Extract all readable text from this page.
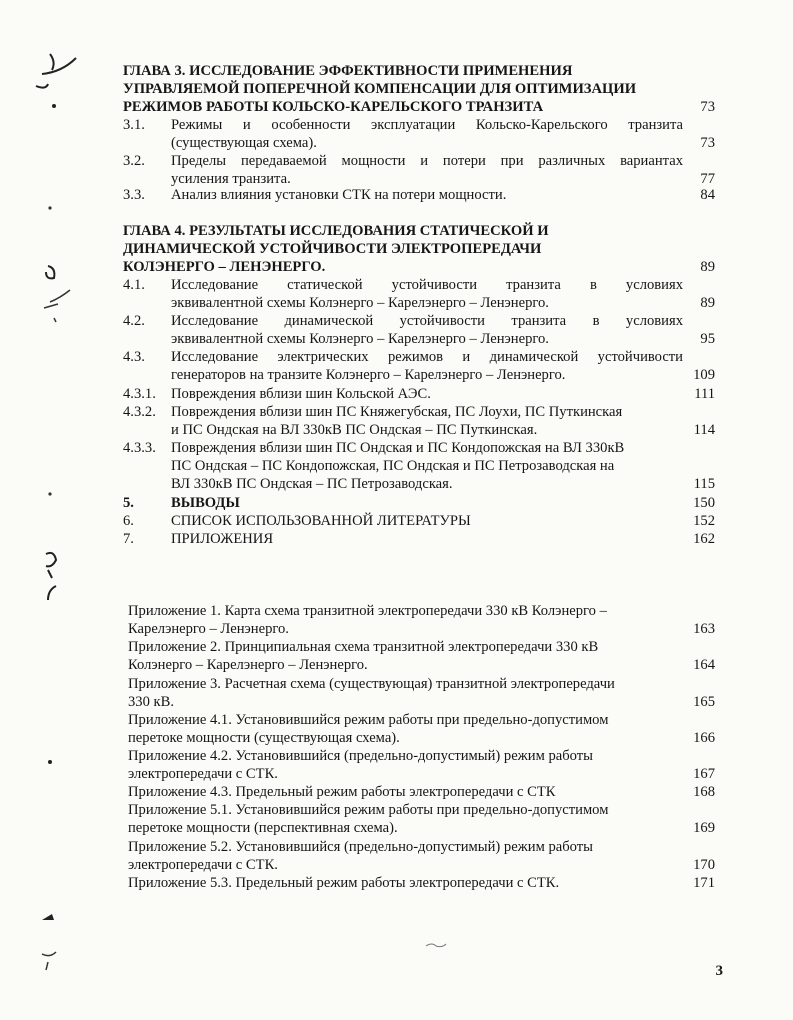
ГЛАВА 3. ИССЛЕДОВАНИЕ ЭФФЕКТИВНОСТИ ПРИМЕНЕНИЯ
УПРАВЛЯЕМОЙ ПОПЕРЕЧНОЙ КОМПЕНСАЦИИ ДЛЯ ОПТИМИЗАЦИИ
РЕЖИМОВ РАБОТЫ КОЛЬСКО-КАРЕЛЬСКОГО ТРАНЗИТА	73
3.1. Режимы и особенности эксплуатации Кольско-Карельского транзита
(существующая схема).	73
3.2. Пределы передаваемой мощности и потери при различных вариантах
усиления транзита.	77
3.3. Анализ влияния установки СТК на потери мощности.	84
ГЛАВА 4. РЕЗУЛЬТАТЫ ИССЛЕДОВАНИЯ СТАТИЧЕСКОЙ И
ДИНАМИЧЕСКОЙ УСТОЙЧИВОСТИ ЭЛЕКТРОПЕРЕДАЧИ
КОЛЭНЕРГО – ЛЕНЭНЕРГО.	89
4.1. Исследование статической устойчивости транзита в условиях
эквивалентной схемы Колэнерго – Карелэнерго – Ленэнерго.	89
4.2. Исследование динамической устойчивости транзита в условиях
эквивалентной схемы Колэнерго – Карелэнерго – Ленэнерго.	95
4.3. Исследование электрических режимов и динамической устойчивости
генераторов на транзите Колэнерго – Карелэнерго – Ленэнерго.	109
4.3.1. Повреждения вблизи шин Кольской АЭС.	111
4.3.2. Повреждения вблизи шин ПС Княжегубская, ПС Лоухи, ПС Путкинская
и ПС Ондская на ВЛ 330кВ ПС Ондская – ПС Путкинская.	114
4.3.3. Повреждения вблизи шин ПС Ондская и ПС Кондопожская на ВЛ 330кВ
ПС Ондская – ПС Кондопожская, ПС Ондская и ПС Петрозаводская на
ВЛ 330кВ ПС Ондская – ПС Петрозаводская.	115
5.	ВЫВОДЫ	150
6.	СПИСОК ИСПОЛЬЗОВАННОЙ ЛИТЕРАТУРЫ	152
7.	ПРИЛОЖЕНИЯ	162
Приложение 1. Карта схема транзитной электропередачи 330 кВ Колэнерго –
Карелэнерго – Ленэнерго.	163
Приложение 2. Принципиальная схема транзитной электропередачи 330 кВ
Колэнерго – Карелэнерго – Ленэнерго.	164
Приложение 3. Расчетная схема (существующая) транзитной электропередачи
330 кВ.	165
Приложение 4.1. Установившийся режим работы при предельно-допустимом
перетоке мощности (существующая схема).	166
Приложение 4.2. Установившийся (предельно-допустимый) режим работы
электропередачи с СТК.	167
Приложение 4.3. Предельный режим работы электропередачи с СТК	168
Приложение 5.1. Установившийся режим работы при предельно-допустимом
перетоке мощности (перспективная схема).	169
Приложение 5.2. Установившийся (предельно-допустимый) режим работы
электропередачи с СТК.	170
Приложение 5.3. Предельный режим работы электропередачи с СТК.	171
3
